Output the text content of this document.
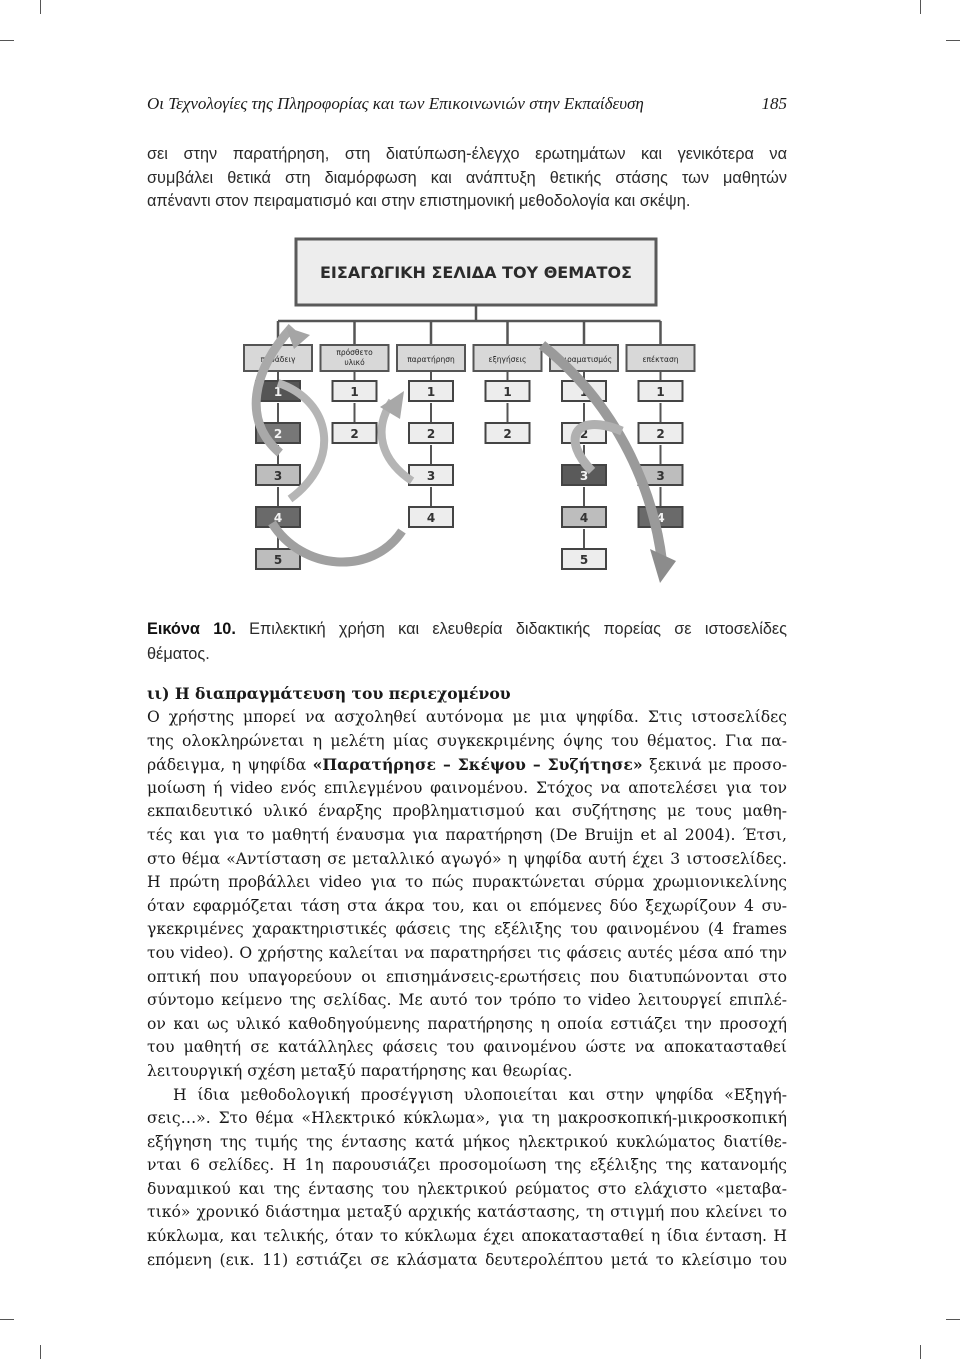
Οι Τεχνολογίες της Πληροφορίας και των Επικοινωνιών στην Εκπαίδευση	185
σει στην παρατήρηση, στη διατύπωση-έλεγχο ερωτημάτων και γενικότερα να
συμβάλει θετικά στη διαμόρφωση και ανάπτυξη θετικής στάσης των μαθητών
απέναντι στον πειραματισμό και στην επιστημονική μεθοδολογία και σκέψη.
ΕΙΣΑΓΩΓΙΚΗ ΣΕΛΙΔΑ ΤΟΥ ΘΕΜΑΤΟΣ
παράδειγ
1
2
3
4
5
πρόσθετο
υλικό
1
2
παρατήρηση
1
2
3
4
εξηγήσεις
1
2
πειραματισμός
1
2
3
4
5
επέκταση
1
2
3
4
Εικόνα 10. Επιλεκτική χρήση και ελευθερία διδακτικής πορείας σε ιστοσελίδες
θέματος.
ιι) Η διαπραγμάτευση του περιεχομένου
Ο χρήστης μπορεί να ασχοληθεί αυτόνομα με μια ψηφίδα. Στις ιστοσελίδες
της ολοκληρώνεται η μελέτη μίας συγκεκριμένης όψης του θέματος. Για πα-
ράδειγμα, η ψηφίδα «Παρατήρησε – Σκέψου – Συζήτησε» ξεκινά με προσο-
μοίωση ή video ενός επιλεγμένου φαινομένου. Στόχος να αποτελέσει για τον
εκπαιδευτικό υλικό έναρξης προβληματισμού και συζήτησης με τους μαθη-
τές και για το μαθητή έναυσμα για παρατήρηση (De Bruijn et al 2004). Έτσι,
στο θέμα «Αντίσταση σε μεταλλικό αγωγό» η ψηφίδα αυτή έχει 3 ιστοσελίδες.
Η πρώτη προβάλλει video για το πώς πυρακτώνεται σύρμα χρωμιονικελίνης
όταν εφαρμόζεται τάση στα άκρα του, και οι επόμενες δύο ξεχωρίζουν 4 συ-
γκεκριμένες χαρακτηριστικές φάσεις της εξέλιξης του φαινομένου (4 frames
του video). Ο χρήστης καλείται να παρατηρήσει τις φάσεις αυτές μέσα από την
οπτική που υπαγορεύουν οι επισημάνσεις-ερωτήσεις που διατυπώνονται στο
σύντομο κείμενο της σελίδας. Με αυτό τον τρόπο το video λειτουργεί επιπλέ-
ον και ως υλικό καθοδηγούμενης παρατήρησης η οποία εστιάζει την προσοχή
του μαθητή σε κατάλληλες φάσεις του φαινομένου ώστε να αποκατασταθεί
λειτουργική σχέση μεταξύ παρατήρησης και θεωρίας.
Η ίδια μεθοδολογική προσέγγιση υλοποιείται και στην ψηφίδα «Εξηγή-
σεις…». Στο θέμα «Ηλεκτρικό κύκλωμα», για τη μακροσκοπική-μικροσκοπική
εξήγηση της τιμής της έντασης κατά μήκος ηλεκτρικού κυκλώματος διατίθε-
νται 6 σελίδες. Η 1η παρουσιάζει προσομοίωση της εξέλιξης της κατανομής
δυναμικού και της έντασης του ηλεκτρικού ρεύματος στο ελάχιστο «μεταβα-
τικό» χρονικό διάστημα μεταξύ αρχικής κατάστασης, τη στιγμή που κλείνει το
κύκλωμα, και τελικής, όταν το κύκλωμα έχει αποκατασταθεί η ίδια ένταση. Η
επόμενη (εικ. 11) εστιάζει σε κλάσματα δευτερολέπτου μετά το κλείσιμο του
